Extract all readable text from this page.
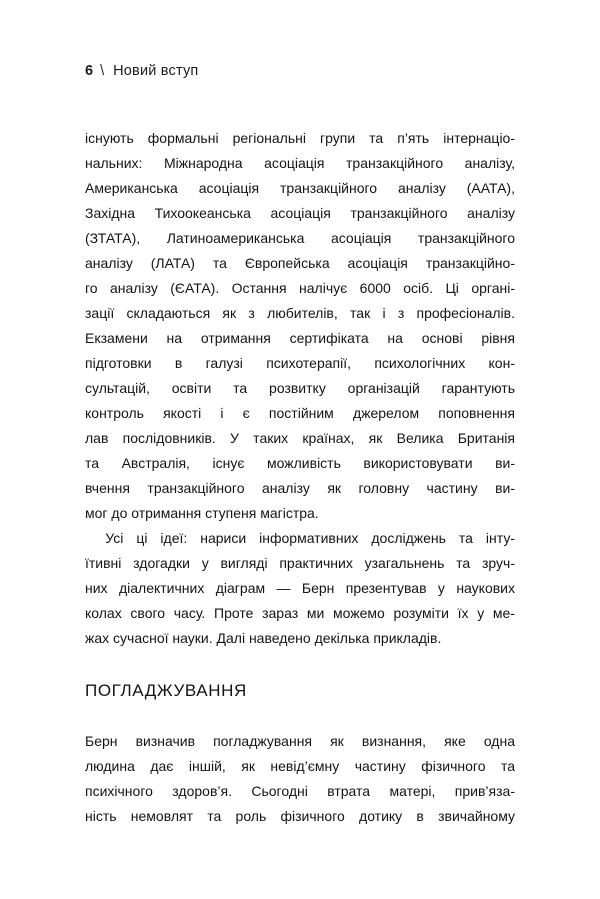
6 \ Новий вступ
існують формальні регіональні групи та п’ять інтернаціо-
нальних: Міжнародна асоціація транзакційного аналізу,
Американська асоціація транзакційного аналізу (ААТА),
Західна Тихоокеанська асоціація транзакційного аналізу
(ЗТАТА), Латиноамериканська асоціація транзакційного
аналізу (ЛАТА) та Європейська асоціація транзакційно-
го аналізу (ЄАТА). Остання налічує 6000 осіб. Ці органі-
зації складаються як з любителів, так і з професіоналів.
Екзамени на отримання сертифіката на основі рівня
підготовки в галузі психотерапії, психологічних кон-
сультацій, освіти та розвитку організацій гарантують
контроль якості і є постійним джерелом поповнення
лав послідовників. У таких країнах, як Велика Британія
та Австралія, існує можливість використовувати ви-
вчення транзакційного аналізу як головну частину ви-
мог до отримання ступеня магістра.
Усі ці ідеї: нариси інформативних досліджень та інту-
їтивні здогадки у вигляді практичних узагальнень та зруч-
них діалектичних діаграм — Берн презентував у наукових
колах свого часу. Проте зараз ми можемо розуміти їх у ме-
жах сучасної науки. Далі наведено декілька прикладів.
ПОГЛАДЖУВАННЯ
Берн визначив погладжування як визнання, яке одна
людина дає іншій, як невід’ємну частину фізичного та
психічного здоров’я. Сьогодні втрата матері, прив’яза-
ність немовлят та роль фізичного дотику в звичайному
